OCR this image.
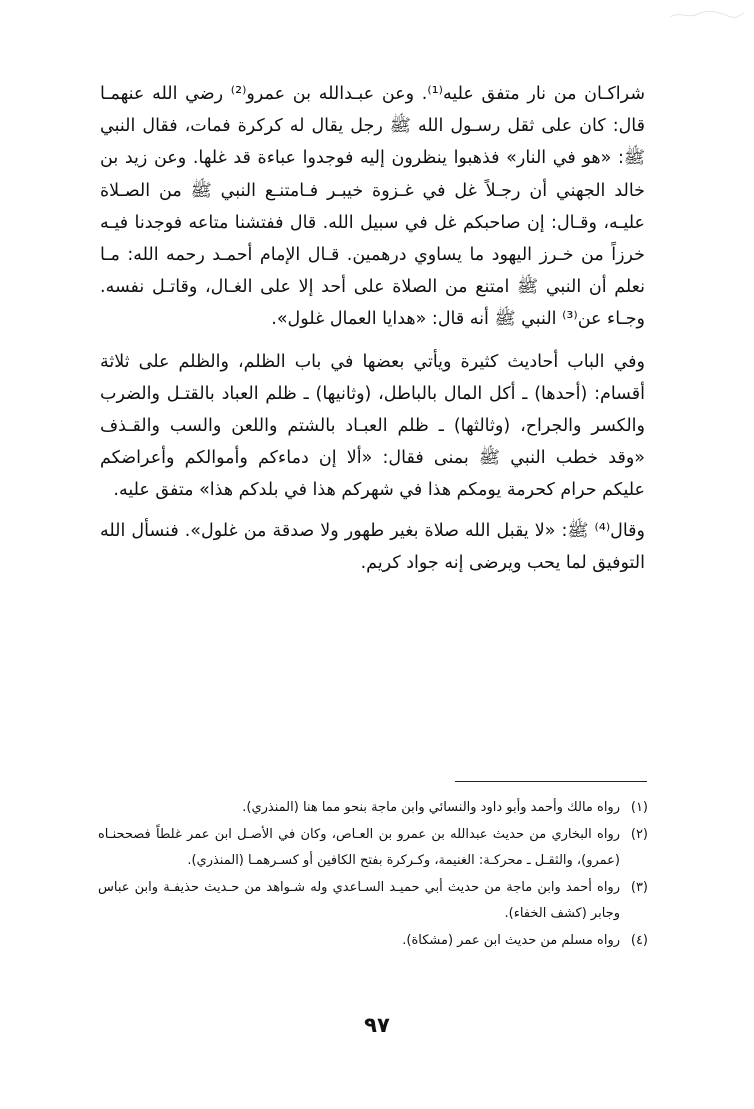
شراكـان من نار متفق عليه⁽¹⁾. وعن عبـدالله بن عمرو⁽²⁾ رضي الله عنهمـا قال: كان على ثقل رسـول الله ﷺ رجل يقال له كركرة فمات، فقال النبي ﷺ: «هو في النار» فذهبوا ينظرون إليه فوجدوا عباءة قد غلها. وعن زيد بن خالد الجهني أن رجـلاً غل في غـزوة خيبـر فـامتنـع النبي ﷺ من الصـلاة عليـه، وقـال: إن صاحبكم غل في سبيل الله. قال ففتشنا متاعه فوجدنا فيـه خرزاً من خـرز اليهود ما يساوي درهمين. قـال الإمام أحمـد رحمه الله: مـا نعلم أن النبي ﷺ امتنع من الصلاة على أحد إلا على الغـال، وقاتـل نفسه. وجـاء عن⁽³⁾ النبي ﷺ أنه قال: «هدايا العمال غلول».

وفي الباب أحاديث كثيرة ويأتي بعضها في باب الظلم، والظلم على ثلاثة أقسام: (أحدها) ـ أكل المال بالباطل، (وثانيها) ـ ظلم العباد بالقتـل والضرب والكسر والجراح، (وثالثها) ـ ظلم العبـاد بالشتم واللعن والسب والقـذف «وقد خطب النبي ﷺ بمنى فقال: «ألا إن دماءكم وأموالكم وأعراضكم عليكم حرام كحرمة يومكم هذا في شهركم هذا في بلدكم هذا» متفق عليه.

وقال⁽⁴⁾ ﷺ: «لا يقبل الله صلاة بغير طهور ولا صدقة من غلول». فنسأل الله التوفيق لما يحب ويرضى إنه جواد كريم.

(١)
رواه مالك وأحمد وأبو داود والنسائي وابن ماجة بنحو مما هنا (المنذري).
(٢)
رواه البخاري من حديث عبدالله بن عمرو بن العـاص، وكان في الأصـل ابن عمر غلطاً فصححنـاه (عمرو)، والثقـل ـ محركـة: الغنيمة، وكـركرة بفتح الكافين أو كسـرهمـا (المنذري).
(٣)
رواه أحمد وابن ماجة من حديث أبي حميـد السـاعدي وله شـواهد من حـديث حذيفـة وابن عباس وجابر (كشف الخفاء).
(٤)
رواه مسلم من حديث ابن عمر (مشكاة).
٩٧
